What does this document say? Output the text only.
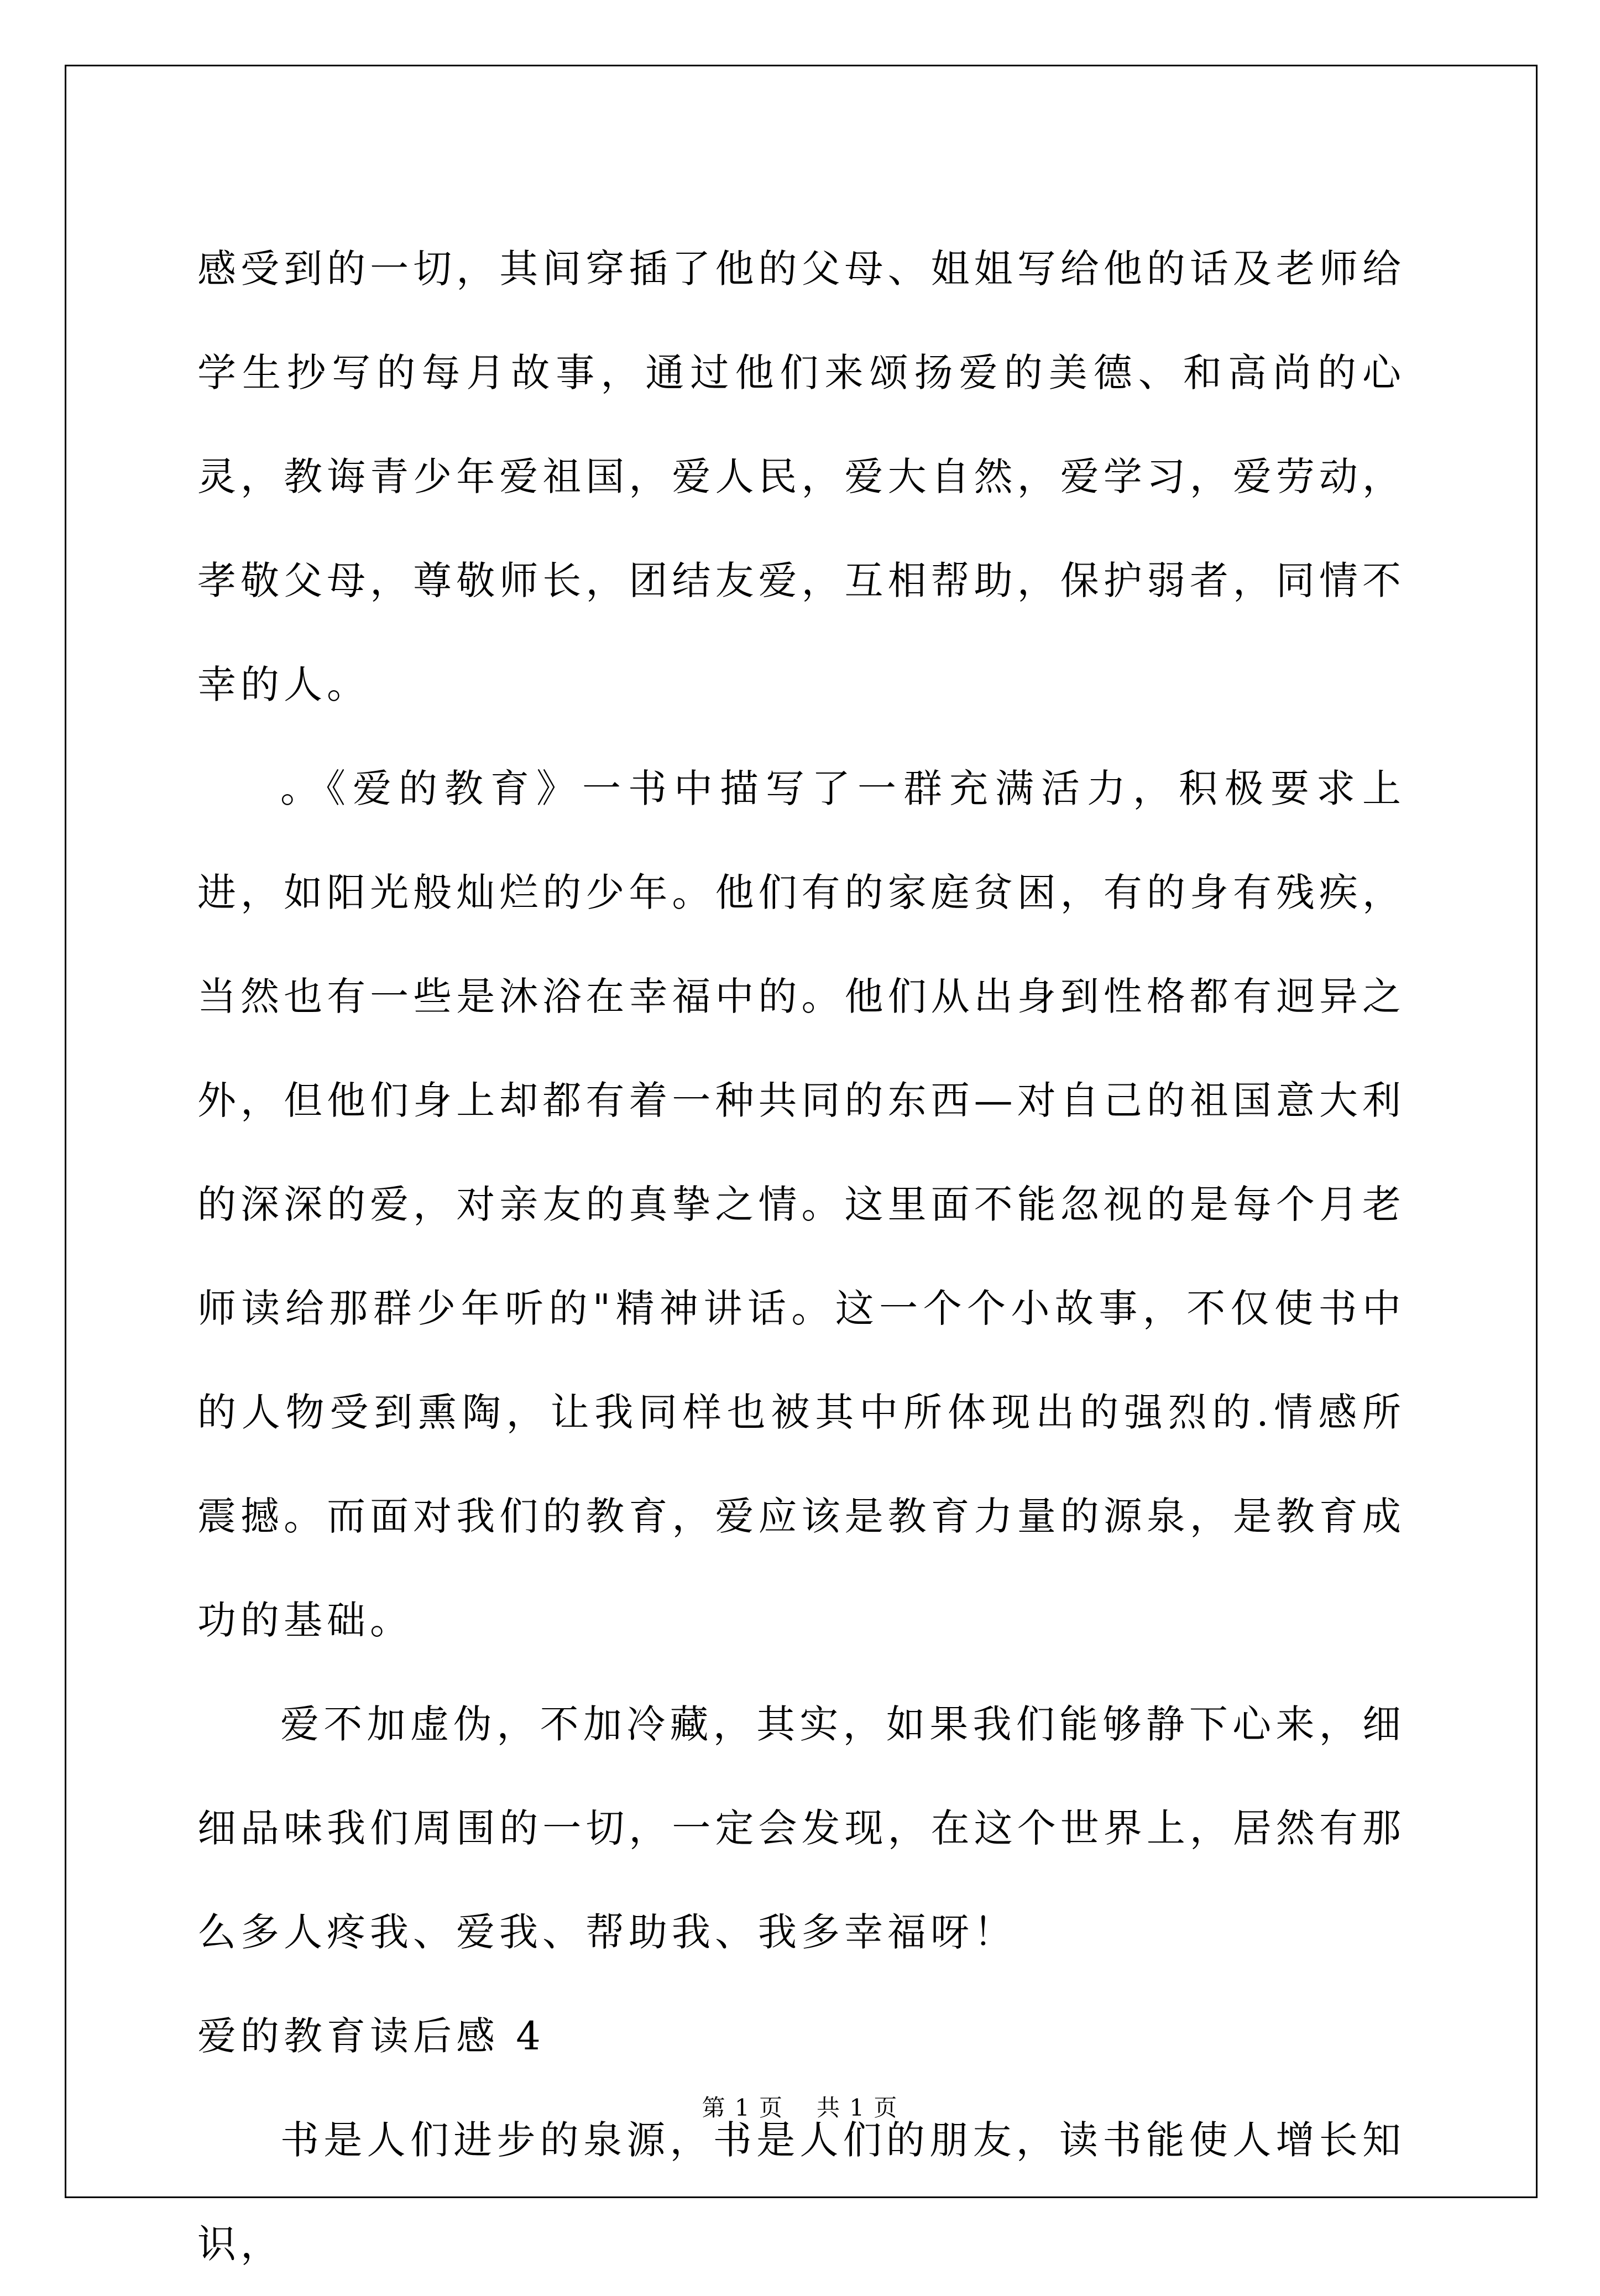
感受到的一切，其间穿插了他的父母、姐姐写给他的话及老师给学生抄写的每月故事，通过他们来颂扬爱的美德、和高尚的心灵，教诲青少年爱祖国，爱人民，爱大自然，爱学习，爱劳动，孝敬父母，尊敬师长，团结友爱，互相帮助，保护弱者，同情不幸的人。

。《爱的教育》一书中描写了一群充满活力，积极要求上进，如阳光般灿烂的少年。他们有的家庭贫困，有的身有残疾，当然也有一些是沐浴在幸福中的。他们从出身到性格都有迥异之外，但他们身上却都有着一种共同的东西—对自己的祖国意大利的深深的爱，对亲友的真挚之情。这里面不能忽视的是每个月老师读给那群少年听的"精神讲话。这一个个小故事，不仅使书中的人物受到熏陶，让我同样也被其中所体现出的强烈的.情感所震撼。而面对我们的教育，爱应该是教育力量的源泉，是教育成功的基础。

爱不加虚伪，不加冷藏，其实，如果我们能够静下心来，细细品味我们周围的一切，一定会发现，在这个世界上，居然有那么多人疼我、爱我、帮助我、我多幸福呀！

爱的教育读后感 4

书是人们进步的泉源，书是人们的朋友，读书能使人增长知识，

第 1 页 共 1 页
